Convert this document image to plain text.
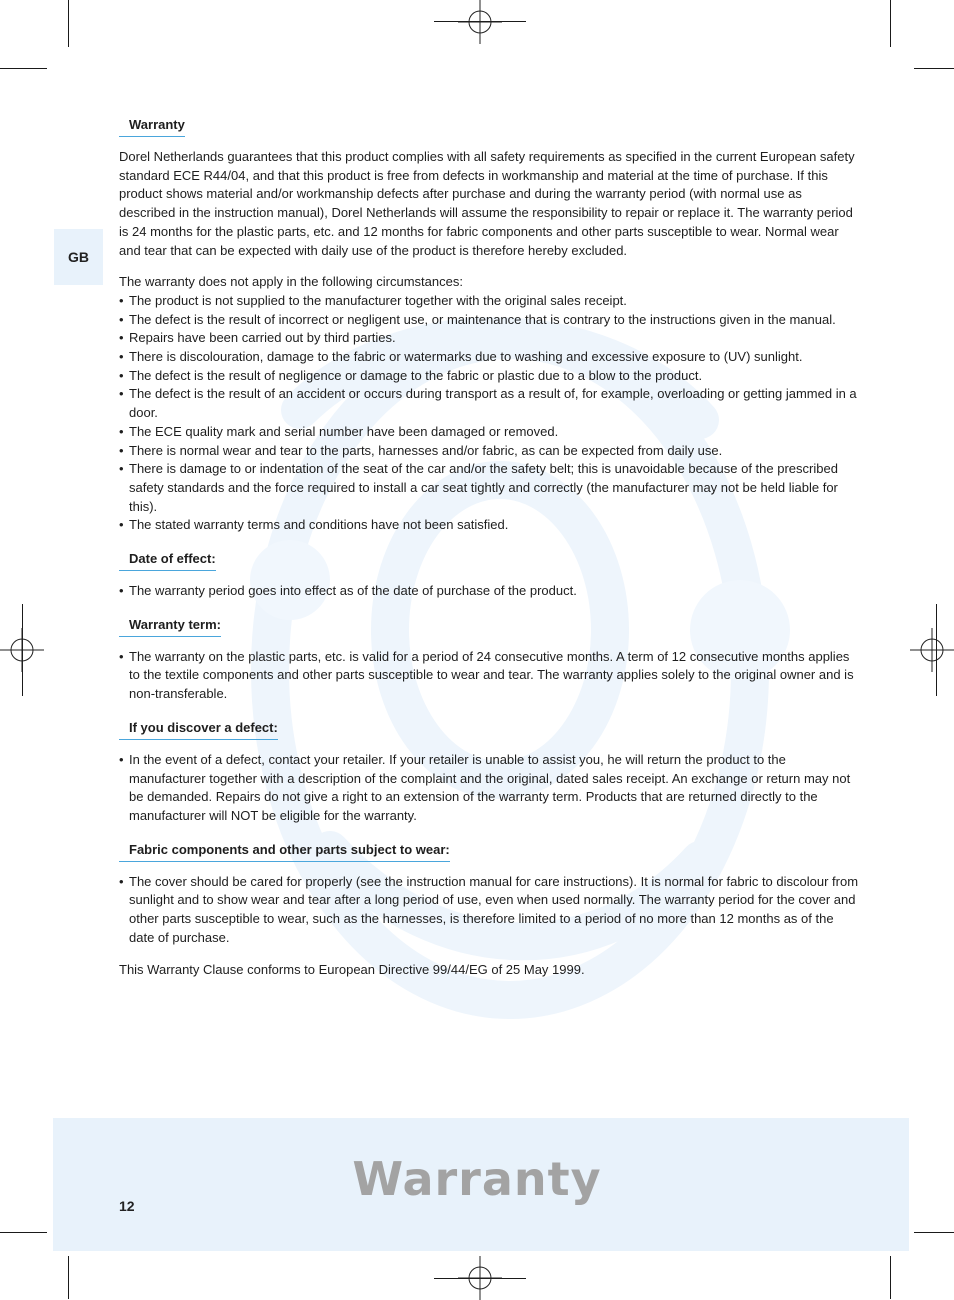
GB
Warranty

Dorel Netherlands guarantees that this product complies with all safety requirements as specified in the current European safety standard ECE R44/04, and that this product is free from defects in workmanship and material at the time of purchase. If this product shows material and/or workmanship defects after purchase and during the warranty period (with normal use as described in the instruction manual), Dorel Netherlands will assume the responsibility to repair or replace it. The warranty period is 24 months for the plastic parts, etc. and 12 months for fabric components and other parts susceptible to wear. Normal wear and tear that can be expected with daily use of the product is therefore hereby excluded.

The warranty does not apply in the following circumstances:

• The product is not supplied to the manufacturer together with the original sales receipt.
• The defect is the result of incorrect or negligent use, or maintenance that is contrary to the instructions given in the manual.
• Repairs have been carried out by third parties.
• There is discolouration, damage to the fabric or watermarks due to washing and excessive exposure to (UV) sunlight.
• The defect is the result of negligence or damage to the fabric or plastic due to a blow to the product.
• The defect is the result of an accident or occurs during transport as a result of, for example, overloading or getting jammed in a door.
• The ECE quality mark and serial number have been damaged or removed.
• There is normal wear and tear to the parts, harnesses and/or fabric, as can be expected from daily use.
• There is damage to or indentation of the seat of the car and/or the safety belt; this is unavoidable because of the prescribed safety standards and the force required to install a car seat tightly and correctly (the manufacturer may not be held liable for this).
• The stated warranty terms and conditions have not been satisfied.
Date of effect:
• The warranty period goes into effect as of the date of purchase of the product.
Warranty term:
• The warranty on the plastic parts, etc. is valid for a period of 24 consecutive months. A term of 12 consecutive months applies to the textile components and other parts susceptible to wear and tear. The warranty applies solely to the original owner and is non-transferable.
If you discover a defect:
• In the event of a defect, contact your retailer. If your retailer is unable to assist you, he will return the product to the manufacturer together with a description of the complaint and the original, dated sales receipt. An exchange or return may not be demanded. Repairs do not give a right to an extension of the warranty term. Products that are returned directly to the manufacturer will NOT be eligible for the warranty.
Fabric components and other parts subject to wear:
• The cover should be cared for properly (see the instruction manual for care instructions). It is normal for fabric to discolour from sunlight and to show wear and tear after a long period of use, even when used normally. The warranty period for the cover and other parts susceptible to wear, such as the harnesses, is therefore limited to a period of no more than 12 months as of the date of purchase.

This Warranty Clause conforms to European Directive 99/44/EG of 25 May 1999.

Warranty
12
